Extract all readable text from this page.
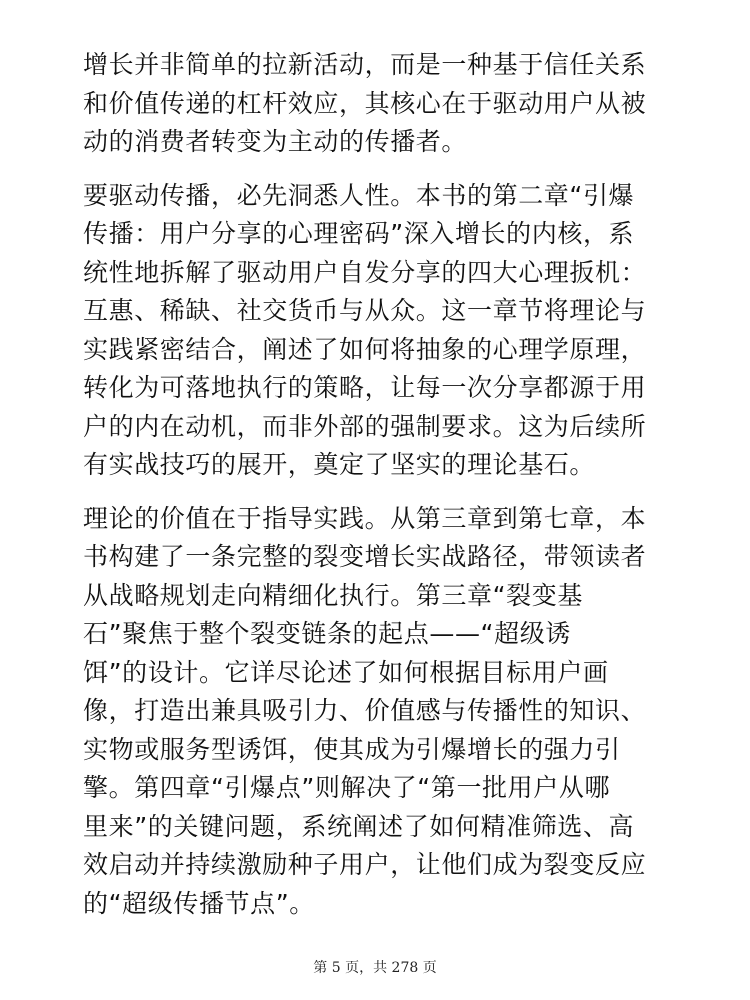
增长并非简单的拉新活动，而是一种基于信任关系
和价值传递的杠杆效应，其核心在于驱动用户从被
动的消费者转变为主动的传播者。

要驱动传播，必先洞悉人性。本书的第二章“引爆
传播：用户分享的心理密码”深入增长的内核，系
统性地拆解了驱动用户自发分享的四大心理扳机：
互惠、稀缺、社交货币与从众。这一章节将理论与
实践紧密结合，阐述了如何将抽象的心理学原理，
转化为可落地执行的策略，让每一次分享都源于用
户的内在动机，而非外部的强制要求。这为后续所
有实战技巧的展开，奠定了坚实的理论基石。

理论的价值在于指导实践。从第三章到第七章，本
书构建了一条完整的裂变增长实战路径，带领读者
从战略规划走向精细化执行。第三章“裂变基
石”聚焦于整个裂变链条的起点——“超级诱
饵”的设计。它详尽论述了如何根据目标用户画
像，打造出兼具吸引力、价值感与传播性的知识、
实物或服务型诱饵，使其成为引爆增长的强力引
擎。第四章“引爆点”则解决了“第一批用户从哪
里来”的关键问题，系统阐述了如何精准筛选、高
效启动并持续激励种子用户，让他们成为裂变反应
的“超级传播节点”。

第 5 页，共 278 页
